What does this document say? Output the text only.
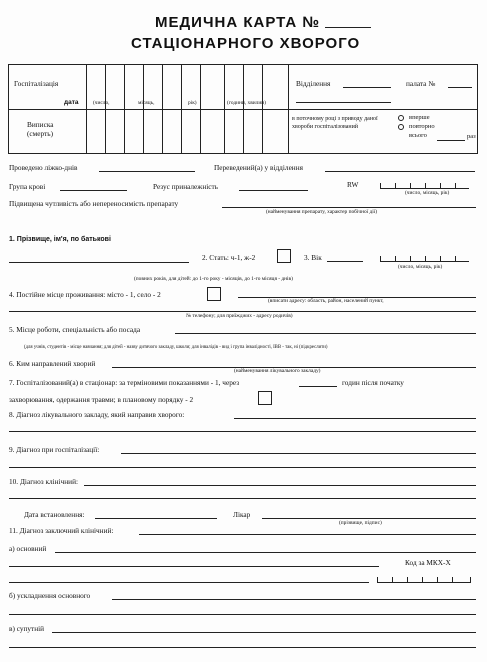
МЕДИЧНА КАРТА №
СТАЦІОНАРНОГО ХВОРОГО
Госпіталізація
дата	(число,	місяць,	рік)	(години, хвилин)
Виписка
(смерть)
Відділення	палата №
в поточному році з приводу даної хвороби госпіталізований
вперше
повторно
всього	раз
Проведено ліжко-днів	Переведений(а) у відділення
Група крові	Резус приналежність	RW
(число, місяць, рік)
Підвищена чутливість або непереносимість препарату
(найменування препарату, характер побічної дії)
1. Прізвище, ім'я, по батькові
2. Стать: ч-1, ж-2	3. Вік
(число, місяць, рік)
(повних років, для дітей: до 1-го року - місяців, до 1-го місяця - днів)
4. Постійне місце проживання: місто - 1, село - 2
(вписати адресу: область, район, населений пункт,
№ телефону; для приїжджих - адресу родичів)
5. Місце роботи, спеціальність або посада
(для учнів, студентів - місце навчання; для дітей - назву дитячого закладу, школи; для інвалідів - вид і група інвалідності, ІВВ - так, ні (підкреслити)
6. Ким направлений хворий
(найменування лікувального закладу)
7. Госпіталізований(а) в стаціонар: за терміновими показаннями - 1, через	годин після початку
захворювання, одержання травми; в плановому порядку - 2
8. Діагноз лікувального закладу, який направив хворого:
9. Діагноз при госпіталізації:
10. Діагноз клінічний:
Дата встановлення:	Лікар
(прізвище, підпис)
11. Діагноз заключний клінічний:
а) основний
Код за МКХ-Х
б) ускладнення основного
в) супутній
